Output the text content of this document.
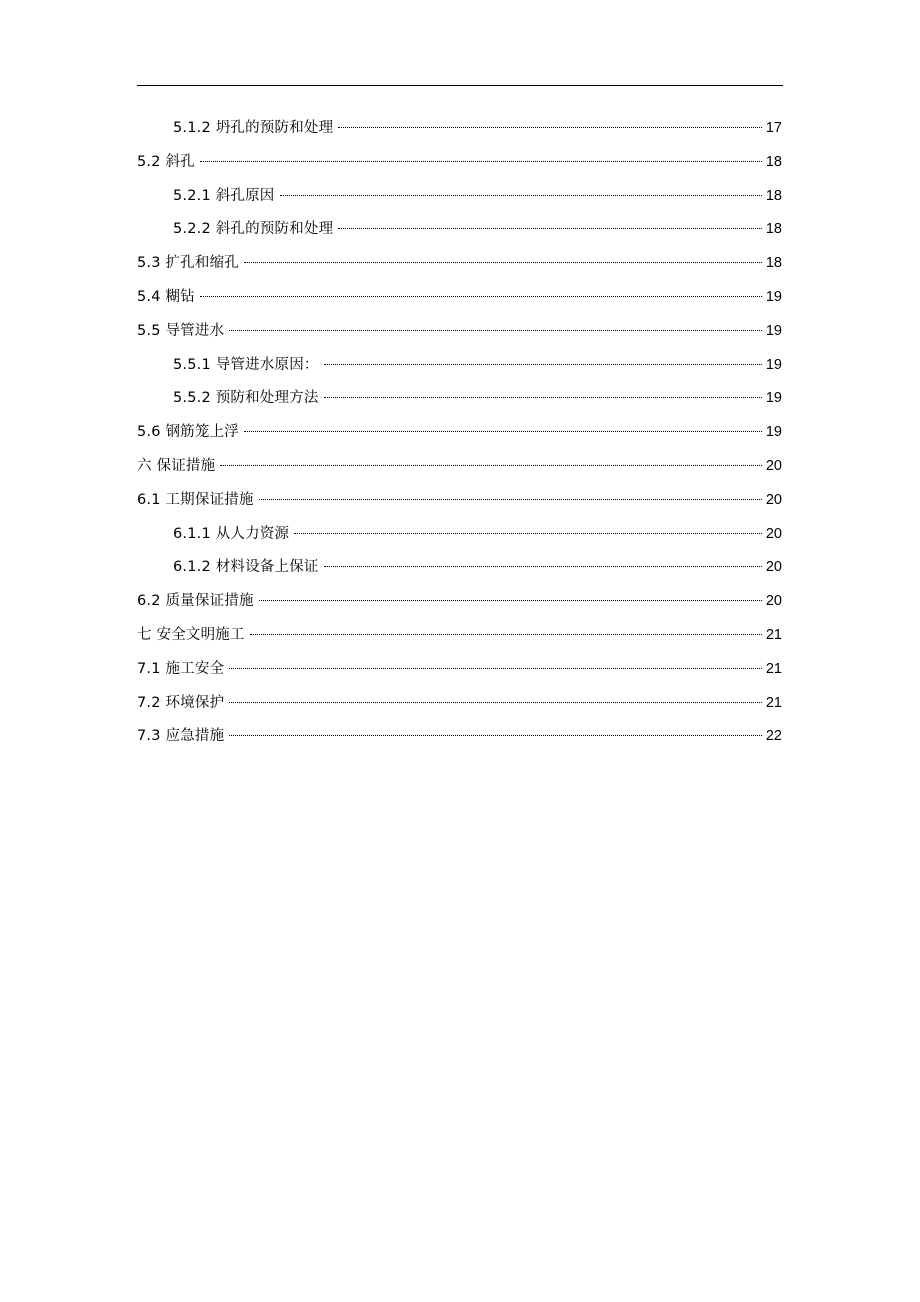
5.1.2 坍孔的预防和处理	17
5.2 斜孔	18
5.2.1 斜孔原因	18
5.2.2 斜孔的预防和处理	18
5.3 扩孔和缩孔	18
5.4 糊钻	19
5.5 导管进水	19
5.5.1 导管进水原因：	19
5.5.2 预防和处理方法	19
5.6 钢筋笼上浮	19
六 保证措施	20
6.1 工期保证措施	20
6.1.1 从人力资源	20
6.1.2 材料设备上保证	20
6.2 质量保证措施	20
七 安全文明施工	21
7.1 施工安全	21
7.2 环境保护	21
7.3 应急措施	22
